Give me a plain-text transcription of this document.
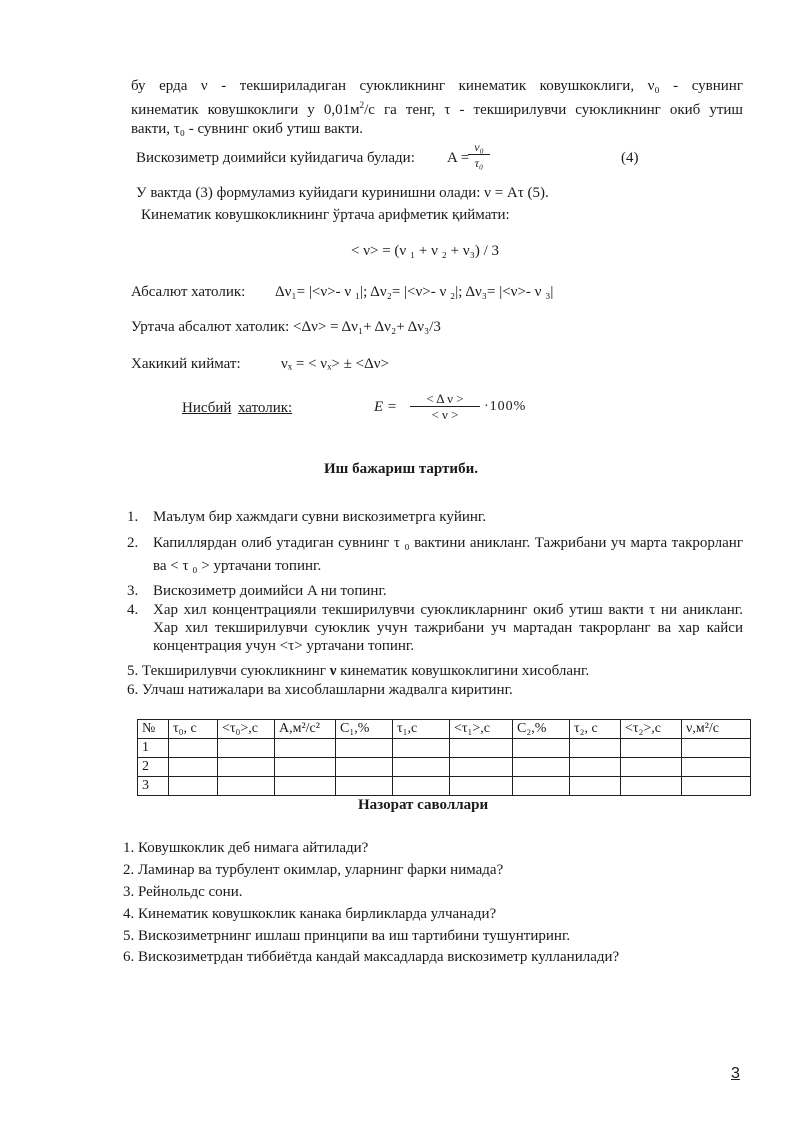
бу ерда ν - текшириладиган суюкликнинг кинематик ковушкоклиги, ν₀ - сувнинг
кинематик ковушкоклиги у $0,01м^2/с$ га тенг, τ - текширилувчи суюкликнинг окиб утиш
вакти, τ₀ - сувнинг окиб утиш вакти.
Вискозиметр доимийси куйидагича булади: A =
$\frac{\text{ν₀}}{\text{τ₀}}$	(4)
У вактда (3) формуламиз куйидаги куринишни олади: ν = Aτ (5).
Кинематик ковушкокликнинг ўртача арифметик қиймати:
< ν> = (ν ₁ + ν ₂ + ν₃) / 3
Абсалют хатолик: Δν₁= |<ν>- ν ₁|; Δν₂= |<ν>- ν ₂|; Δν₃= |<ν>- ν ₃|
Уртача абсалют хатолик: <Δν> = Δν₁+ Δν₂+ Δν₃/3
Хакикий киймат:	νₓ = < νₓ> ± <Δν>
Нисбий хатолик:	$E = \frac{\text{< Δ ν >}}{< \nu >} \cdot 100\%$
Иш бажариш тартиби.
1. Маълум бир хажмдаги сувни вискозиметрга куйинг.
2. Капиллярдан олиб утадиган сувнинг τ ₀ вактини аникланг. Тажрибани уч марта такрорланг ва < τ ₀ > уртачани топинг.
3. Вискозиметр доимийси A ни топинг.
4. Хар хил концентрацияли текширилувчи суюкликларнинг окиб утиш вакти τ ни аникланг. Хар хил текширилувчи суюклик учун тажрибани уч мартадан такрорланг ва хар кайси концентрация учун <τ> уртачани топинг.
5. Текширилувчи суюкликнинг ν кинематик ковушкоклигини хисобланг.
6. Улчаш натижалари ва хисоблашларни жадвалга киритинг.
№	τ₀, c	<τ₀>,c	A,м²/c²	C₁,%	τ₁,c	<τ₁>,c	C₂,%	τ₂, c	<τ₂>,c	ν,м²/c
1										
2										
3										
Назорат саволлари
1. Ковушкоклик деб нимага айтилади?
2. Ламинар ва турбулент окимлар, уларнинг фарки нимада?
3. Рейнольдс сони.
4. Кинематик ковушкоклик канака бирликларда улчанади?
5. Вискозиметрнинг ишлаш принципи ва иш тартибини тушунтиринг.
6. Вискозиметрдан тиббиётда кандай максадларда вискозиметр кулланилади?
3
